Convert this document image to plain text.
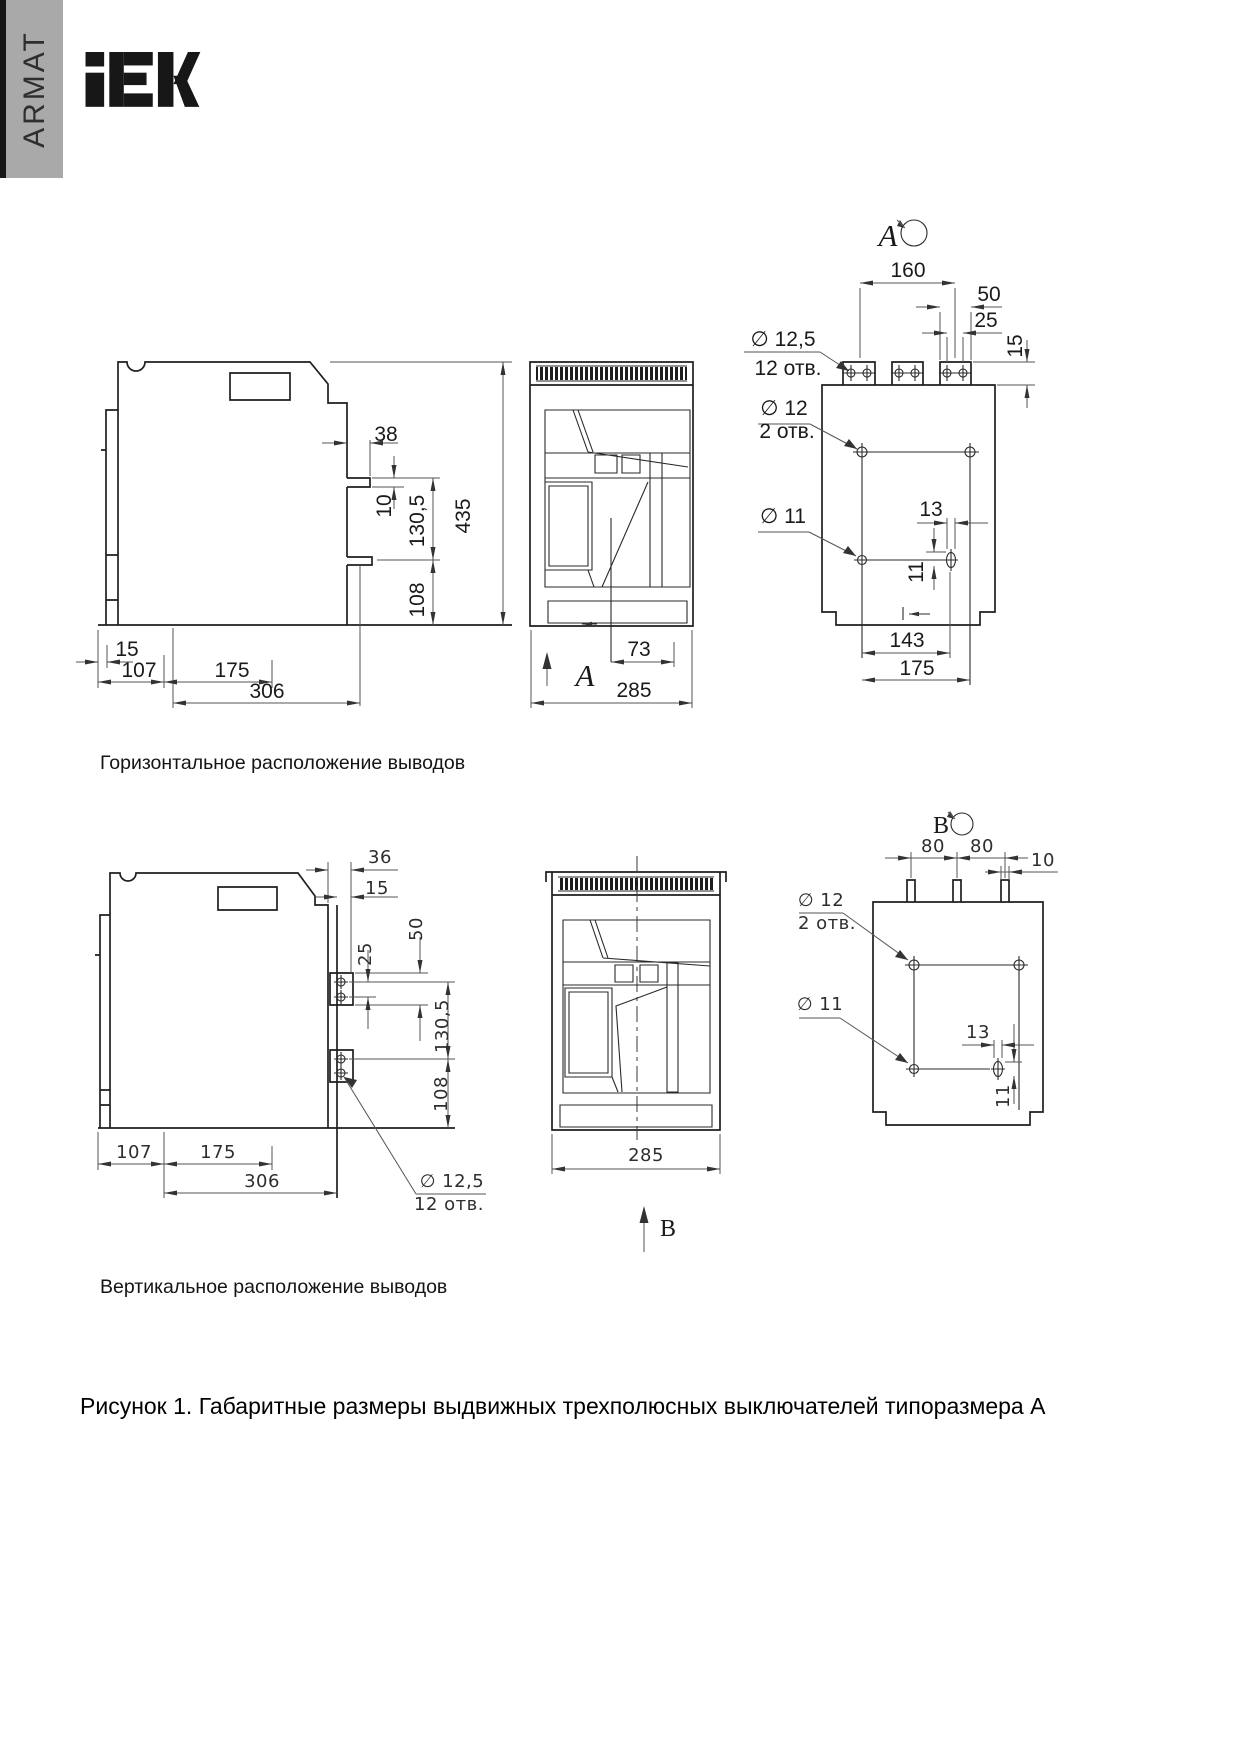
ARMAT
38
10 130,5
108
435
15
107	175
306
73
285
A
A
160
50
25
15
∅ 12,5
12 отв.
∅ 12
2 отв.
∅ 11	13
11
143
175
36
15
50
25
130,5
108
∅ 12,5
12 отв.
107	175
306
285
В
В
80 80
10
∅ 12
2 отв.
∅ 11
13
11
Горизонтальное расположение выводов
Вертикальное расположение выводов
Рисунок 1. Габаритные размеры выдвижных трехполюсных выключателей типоразмера А
